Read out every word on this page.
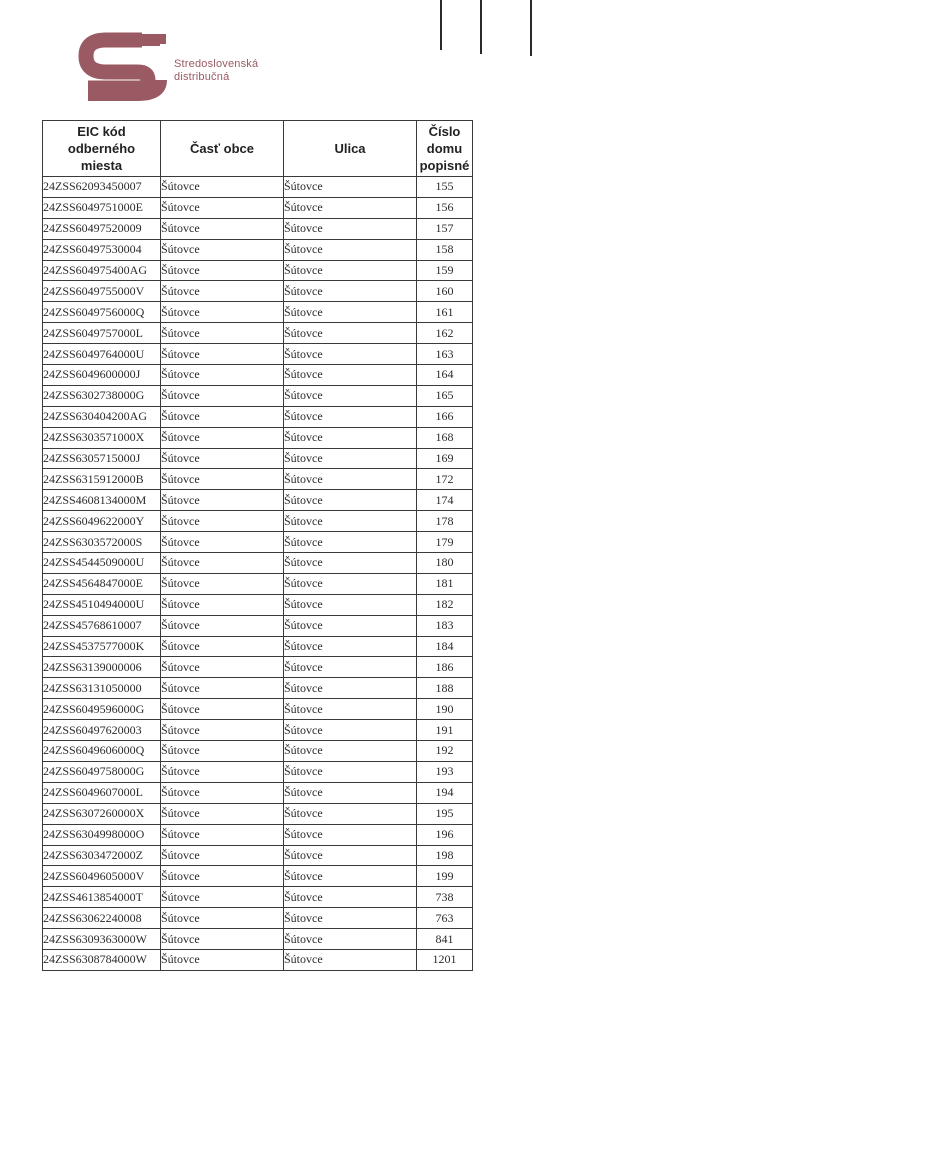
Stredoslovenská
distribučná
EIC kód
odberného
miesta	Časť obce	Ulica	Číslo
domu
popisné

24ZSS62093450007	Šútovce	Šútovce	155
24ZSS6049751000E	Šútovce	Šútovce	156
24ZSS60497520009	Šútovce	Šútovce	157
24ZSS60497530004	Šútovce	Šútovce	158
24ZSS604975400AG	Šútovce	Šútovce	159
24ZSS6049755000V	Šútovce	Šútovce	160
24ZSS6049756000Q	Šútovce	Šútovce	161
24ZSS6049757000L	Šútovce	Šútovce	162
24ZSS6049764000U	Šútovce	Šútovce	163
24ZSS6049600000J	Šútovce	Šútovce	164
24ZSS6302738000G	Šútovce	Šútovce	165
24ZSS630404200AG	Šútovce	Šútovce	166
24ZSS6303571000X	Šútovce	Šútovce	168
24ZSS6305715000J	Šútovce	Šútovce	169
24ZSS6315912000B	Šútovce	Šútovce	172
24ZSS4608134000M	Šútovce	Šútovce	174
24ZSS6049622000Y	Šútovce	Šútovce	178
24ZSS6303572000S	Šútovce	Šútovce	179
24ZSS4544509000U	Šútovce	Šútovce	180
24ZSS4564847000E	Šútovce	Šútovce	181
24ZSS4510494000U	Šútovce	Šútovce	182
24ZSS45768610007	Šútovce	Šútovce	183
24ZSS4537577000K	Šútovce	Šútovce	184
24ZSS63139000006	Šútovce	Šútovce	186
24ZSS63131050000	Šútovce	Šútovce	188
24ZSS6049596000G	Šútovce	Šútovce	190
24ZSS60497620003	Šútovce	Šútovce	191
24ZSS6049606000Q	Šútovce	Šútovce	192
24ZSS6049758000G	Šútovce	Šútovce	193
24ZSS6049607000L	Šútovce	Šútovce	194
24ZSS6307260000X	Šútovce	Šútovce	195
24ZSS6304998000O	Šútovce	Šútovce	196
24ZSS6303472000Z	Šútovce	Šútovce	198
24ZSS6049605000V	Šútovce	Šútovce	199
24ZSS4613854000T	Šútovce	Šútovce	738
24ZSS63062240008	Šútovce	Šútovce	763
24ZSS6309363000W	Šútovce	Šútovce	841
24ZSS6308784000W	Šútovce	Šútovce	1201
